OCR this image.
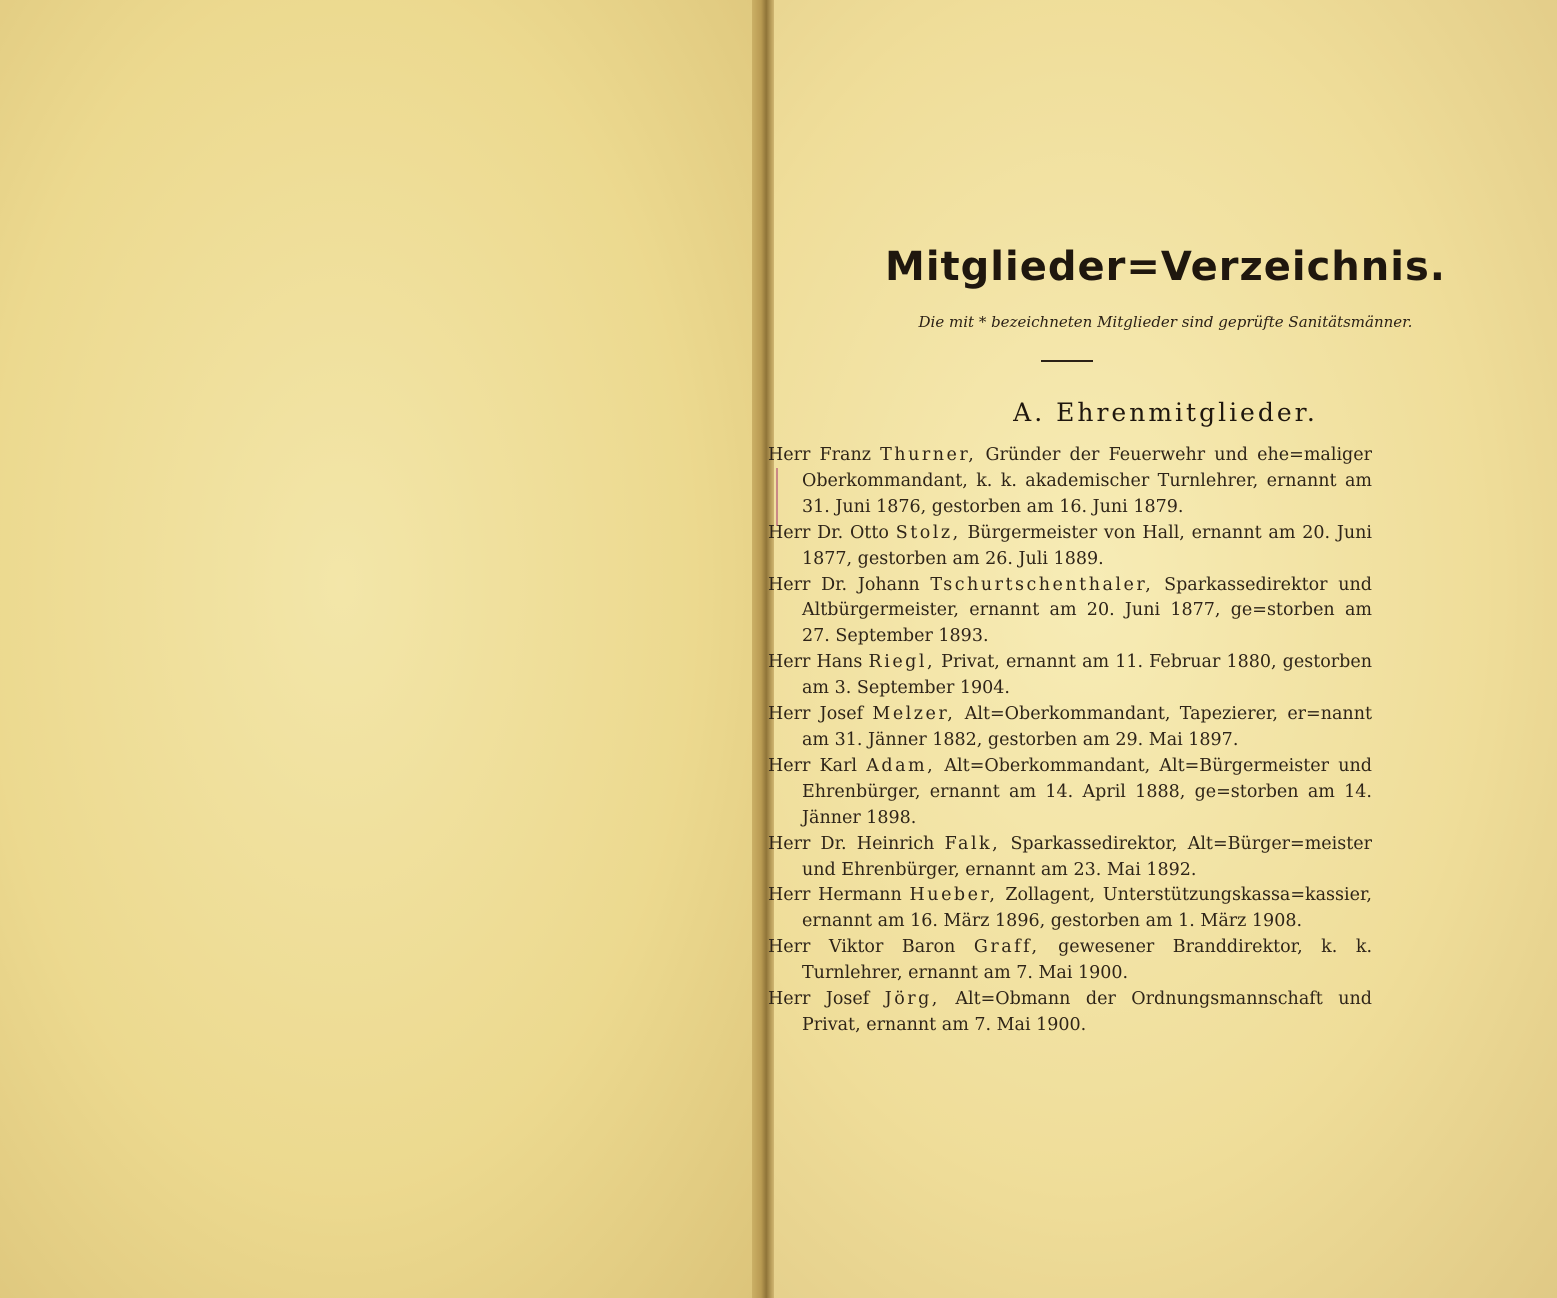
Mitglieder=Verzeichnis.
Die mit * bezeichneten Mitglieder sind geprüfte Sanitätsmänner.
A. Ehrenmitglieder.
Herr Franz Thurner, Gründer der Feuerwehr und ehe=maliger Oberkommandant, k. k. akademischer Turnlehrer, ernannt am 31. Juni 1876, gestorben am 16. Juni 1879.
Herr Dr. Otto Stolz, Bürgermeister von Hall, ernannt am 20. Juni 1877, gestorben am 26. Juli 1889.
Herr Dr. Johann Tschurtschenthaler, Sparkassedirektor und Altbürgermeister, ernannt am 20. Juni 1877, ge=storben am 27. September 1893.
Herr Hans Riegl, Privat, ernannt am 11. Februar 1880, gestorben am 3. September 1904.
Herr Josef Melzer, Alt=Oberkommandant, Tapezierer, er=nannt am 31. Jänner 1882, gestorben am 29. Mai 1897.
Herr Karl Adam, Alt=Oberkommandant, Alt=Bürgermeister und Ehrenbürger, ernannt am 14. April 1888, ge=storben am 14. Jänner 1898.
Herr Dr. Heinrich Falk, Sparkassedirektor, Alt=Bürger=meister und Ehrenbürger, ernannt am 23. Mai 1892.
Herr Hermann Hueber, Zollagent, Unterstützungskassa=kassier, ernannt am 16. März 1896, gestorben am 1. März 1908.
Herr Viktor Baron Graff, gewesener Branddirektor, k. k. Turnlehrer, ernannt am 7. Mai 1900.
Herr Josef Jörg, Alt=Obmann der Ordnungsmannschaft und Privat, ernannt am 7. Mai 1900.
